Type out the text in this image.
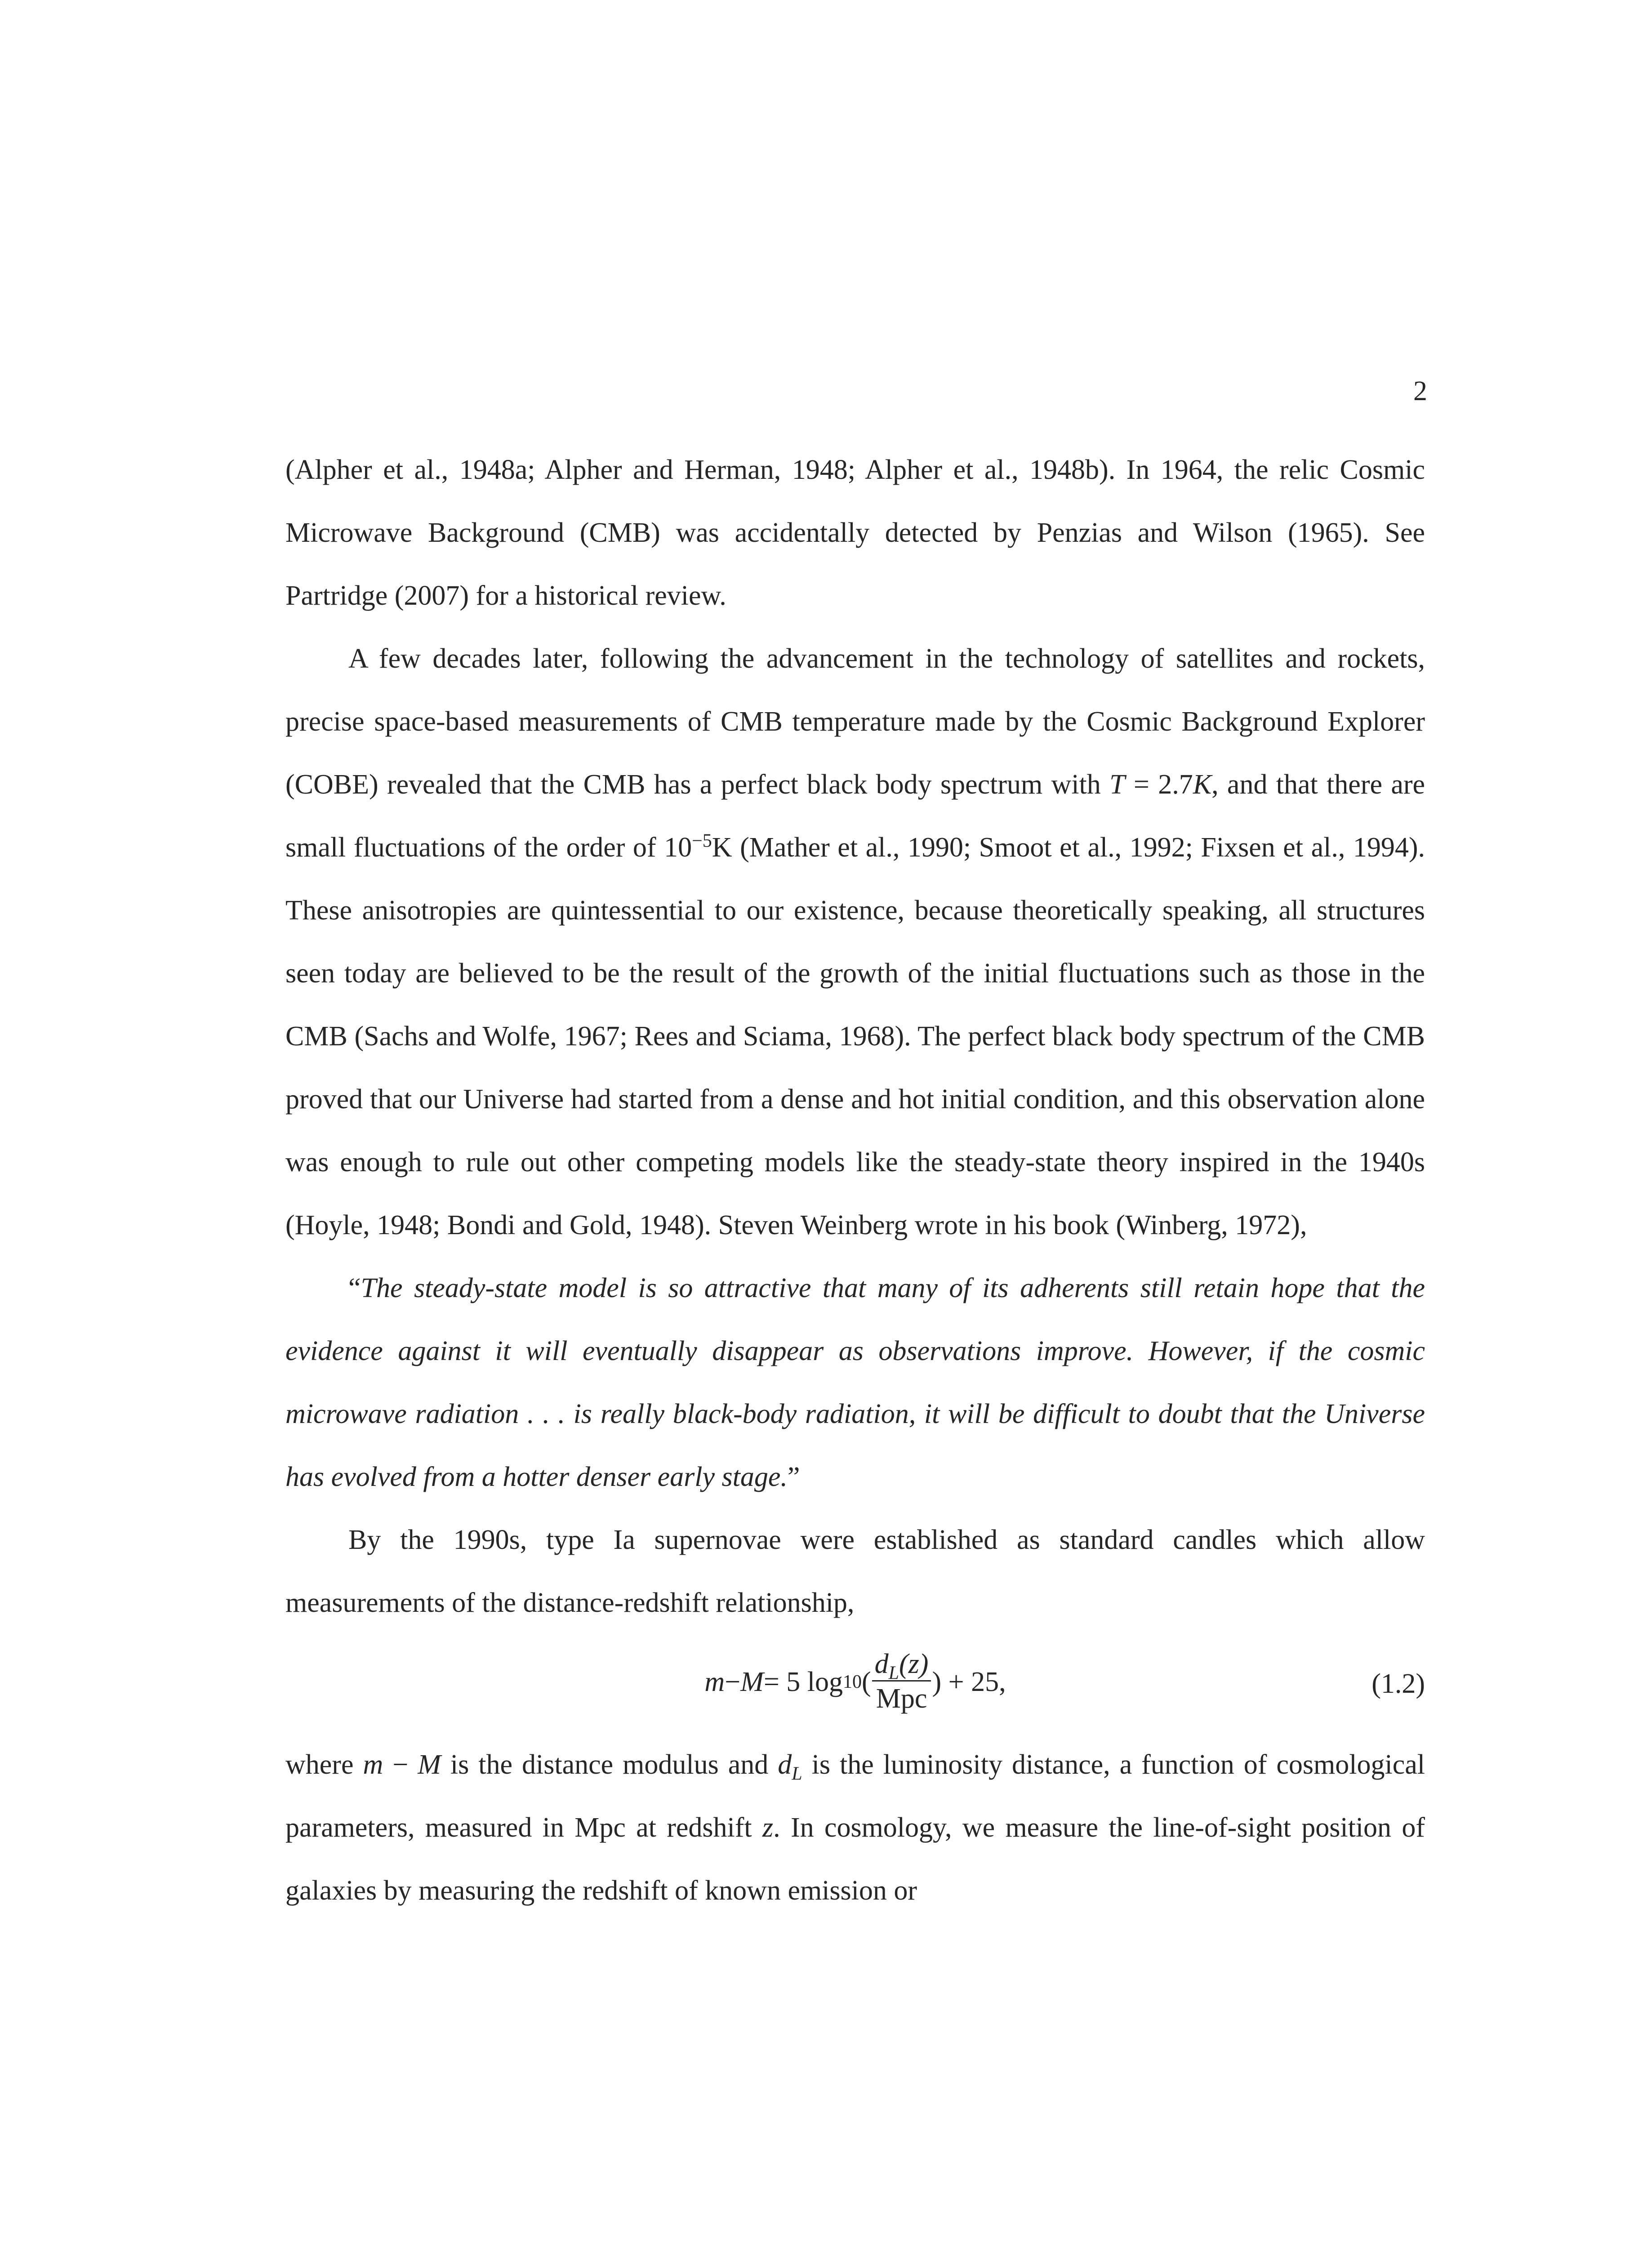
2

(Alpher et al., 1948a; Alpher and Herman, 1948; Alpher et al., 1948b). In 1964, the relic Cosmic Microwave Background (CMB) was accidentally detected by Penzias and Wilson (1965). See Partridge (2007) for a historical review.

A few decades later, following the advancement in the technology of satellites and rockets, precise space-based measurements of CMB temperature made by the Cosmic Background Explorer (COBE) revealed that the CMB has a perfect black body spectrum with T = 2.7K, and that there are small fluctuations of the order of $10^{-5}K$ (Mather et al., 1990; Smoot et al., 1992; Fixsen et al., 1994). These anisotropies are quintessential to our existence, because theoretically speaking, all structures seen today are believed to be the result of the growth of the initial fluctuations such as those in the CMB (Sachs and Wolfe, 1967; Rees and Sciama, 1968). The perfect black body spectrum of the CMB proved that our Universe had started from a dense and hot initial condition, and this observation alone was enough to rule out other competing models like the steady-state theory inspired in the 1940s (Hoyle, 1948; Bondi and Gold, 1948). Steven Weinberg wrote in his book (Winberg, 1972),

“The steady-state model is so attractive that many of its adherents still retain hope that the evidence against it will eventually disappear as observations improve. However, if the cosmic microwave radiation . . . is really black-body radiation, it will be difficult to doubt that the Universe has evolved from a hotter denser early stage.”

By the 1990s, type Ia supernovae were established as standard candles which allow measurements of the distance-redshift relationship,

m − M = 5 log 10 ( $\frac{d_L(z)}{\text{Mpc}}$ ) + 25,	(1.2)

where m − M is the distance modulus and $d_L$ is the luminosity distance, a function of cosmological parameters, measured in Mpc at redshift z. In cosmology, we measure the line-of-sight position of galaxies by measuring the redshift of known emission or
